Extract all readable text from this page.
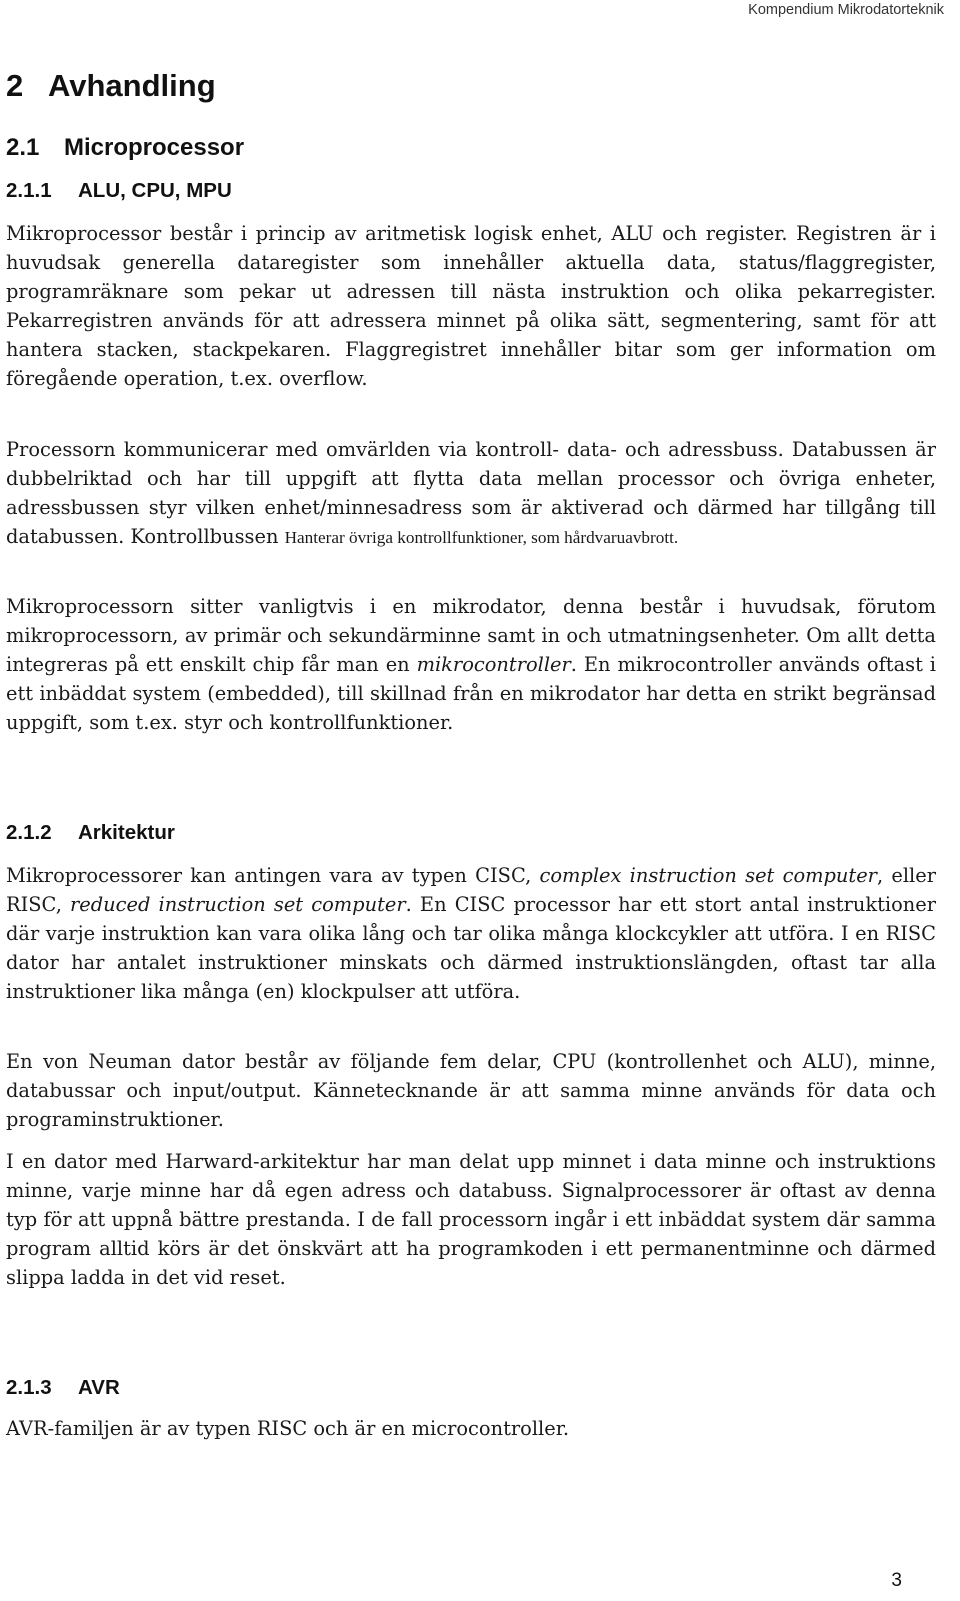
Kompendium Mikrodatorteknik
2 Avhandling
2.1 Microprocessor
2.1.1 ALU, CPU, MPU

Mikroprocessor består i princip av aritmetisk logisk enhet, ALU och register. Registren är i huvudsak generella dataregister som innehåller aktuella data, status/flaggregister, programräknare som pekar ut adressen till nästa instruktion och olika pekarregister. Pekarregistren används för att adressera minnet på olika sätt, segmentering, samt för att hantera stacken, stackpekaren. Flaggregistret innehåller bitar som ger information om föregående operation, t.ex. overflow.

Processorn kommunicerar med omvärlden via kontroll- data- och adressbuss. Databussen är dubbelriktad och har till uppgift att flytta data mellan processor och övriga enheter, adressbussen styr vilken enhet/minnesadress som är aktiverad och därmed har tillgång till databussen. Kontrollbussen Hanterar övriga kontrollfunktioner, som hårdvaruavbrott.

Mikroprocessorn sitter vanligtvis i en mikrodator, denna består i huvudsak, förutom mikroprocessorn, av primär och sekundärminne samt in och utmatningsenheter. Om allt detta integreras på ett enskilt chip får man en mikrocontroller. En mikrocontroller används oftast i ett inbäddat system (embedded), till skillnad från en mikrodator har detta en strikt begränsad uppgift, som t.ex. styr och kontrollfunktioner.

2.1.2 Arkitektur

Mikroprocessorer kan antingen vara av typen CISC, complex instruction set computer, eller RISC, reduced instruction set computer. En CISC processor har ett stort antal instruktioner där varje instruktion kan vara olika lång och tar olika många klockcykler att utföra. I en RISC dator har antalet instruktioner minskats och därmed instruktionslängden, oftast tar alla instruktioner lika många (en) klockpulser att utföra.

En von Neuman dator består av följande fem delar, CPU (kontrollenhet och ALU), minne, databussar och input/output. Kännetecknande är att samma minne används för data och programinstruktioner.

I en dator med Harward-arkitektur har man delat upp minnet i data minne och instruktions minne, varje minne har då egen adress och databuss. Signalprocessorer är oftast av denna typ för att uppnå bättre prestanda. I de fall processorn ingår i ett inbäddat system där samma program alltid körs är det önskvärt att ha programkoden i ett permanentminne och därmed slippa ladda in det vid reset.

2.1.3 AVR

AVR-familjen är av typen RISC och är en microcontroller.

3
